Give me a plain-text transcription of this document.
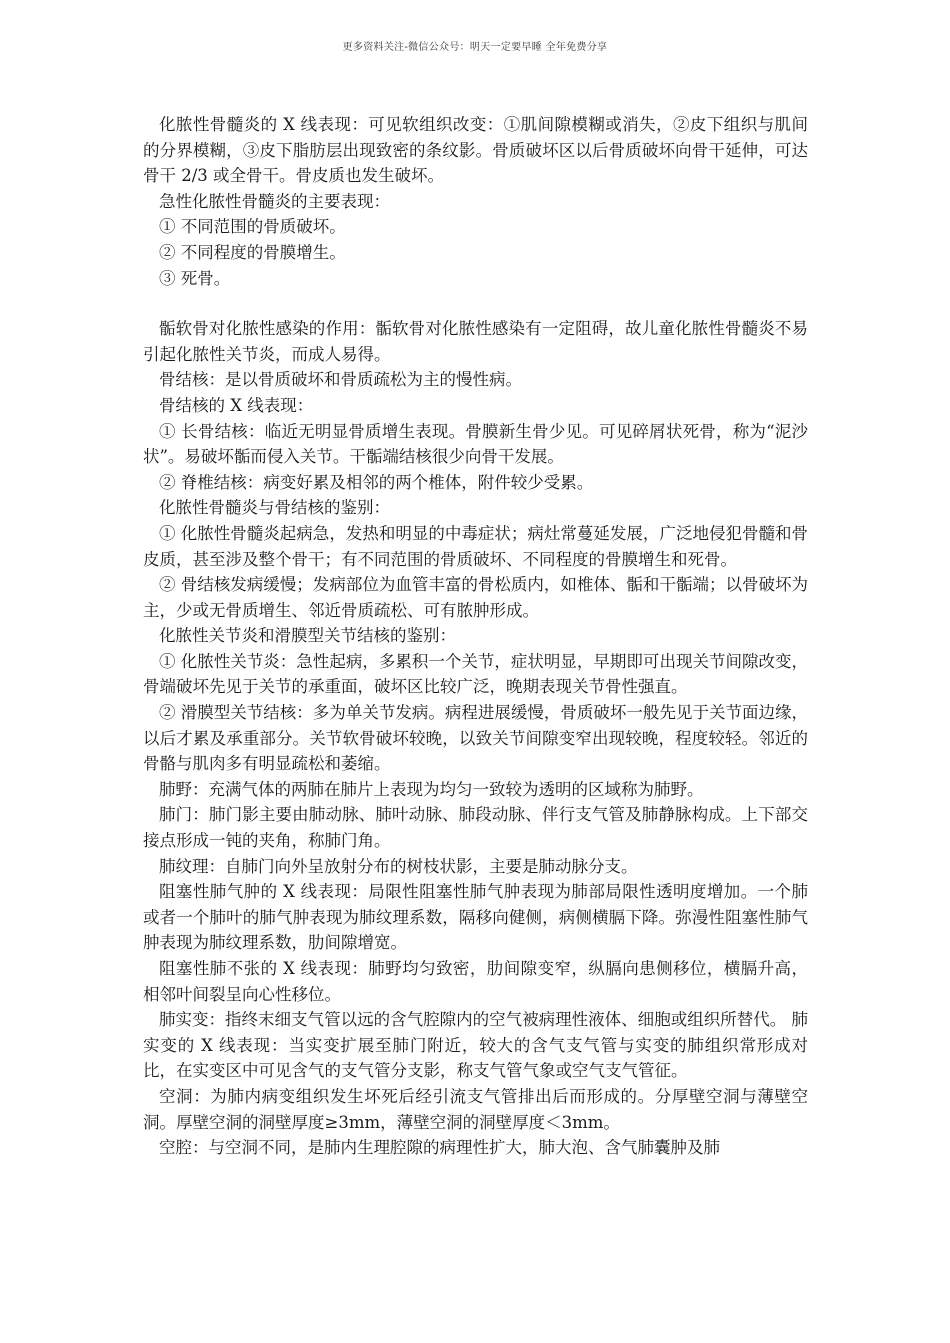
更多资料关注-微信公众号：明天一定要早睡 全年免费分享

化脓性骨髓炎的 X 线表现：可见软组织改变：①肌间隙模糊或消失，②皮下组织与肌间的分界模糊，③皮下脂肪层出现致密的条纹影。骨质破坏区以后骨质破坏向骨干延伸，可达骨干 2/3 或全骨干。骨皮质也发生破坏。

急性化脓性骨髓炎的主要表现：

① 不同范围的骨质破坏。

② 不同程度的骨膜增生。

③ 死骨。

骺软骨对化脓性感染的作用：骺软骨对化脓性感染有一定阻碍，故儿童化脓性骨髓炎不易引起化脓性关节炎，而成人易得。

骨结核：是以骨质破坏和骨质疏松为主的慢性病。

骨结核的 X 线表现：

① 长骨结核：临近无明显骨质增生表现。骨膜新生骨少见。可见碎屑状死骨，称为“泥沙状”。易破坏骺而侵入关节。干骺端结核很少向骨干发展。

② 脊椎结核：病变好累及相邻的两个椎体，附件较少受累。

化脓性骨髓炎与骨结核的鉴别：

① 化脓性骨髓炎起病急，发热和明显的中毒症状；病灶常蔓延发展，广泛地侵犯骨髓和骨皮质，甚至涉及整个骨干；有不同范围的骨质破坏、不同程度的骨膜增生和死骨。

② 骨结核发病缓慢；发病部位为血管丰富的骨松质内，如椎体、骺和干骺端；以骨破坏为主，少或无骨质增生、邻近骨质疏松、可有脓肿形成。

化脓性关节炎和滑膜型关节结核的鉴别：

① 化脓性关节炎：急性起病，多累积一个关节，症状明显，早期即可出现关节间隙改变，骨端破坏先见于关节的承重面，破坏区比较广泛，晚期表现关节骨性强直。

② 滑膜型关节结核：多为单关节发病。病程进展缓慢，骨质破坏一般先见于关节面边缘，以后才累及承重部分。关节软骨破坏较晚，以致关节间隙变窄出现较晚，程度较轻。邻近的骨骼与肌肉多有明显疏松和萎缩。

肺野：充满气体的两肺在肺片上表现为均匀一致较为透明的区域称为肺野。

肺门：肺门影主要由肺动脉、肺叶动脉、肺段动脉、伴行支气管及肺静脉构成。上下部交接点形成一钝的夹角，称肺门角。

肺纹理：自肺门向外呈放射分布的树枝状影，主要是肺动脉分支。

阻塞性肺气肿的 X 线表现：局限性阻塞性肺气肿表现为肺部局限性透明度增加。一个肺或者一个肺叶的肺气肿表现为肺纹理系数，隔移向健侧，病侧横膈下降。弥漫性阻塞性肺气肿表现为肺纹理系数，肋间隙增宽。

阻塞性肺不张的 X 线表现：肺野均匀致密，肋间隙变窄，纵膈向患侧移位，横膈升高，相邻叶间裂呈向心性移位。

肺实变：指终末细支气管以远的含气腔隙内的空气被病理性液体、细胞或组织所替代。 肺实变的 X 线表现：当实变扩展至肺门附近，较大的含气支气管与实变的肺组织常形成对比，在实变区中可见含气的支气管分支影，称支气管气象或空气支气管征。

空洞：为肺内病变组织发生坏死后经引流支气管排出后而形成的。分厚壁空洞与薄壁空洞。厚壁空洞的洞壁厚度≥3mm，薄壁空洞的洞壁厚度＜3mm。

空腔：与空洞不同，是肺内生理腔隙的病理性扩大，肺大泡、含气肺囊肿及肺
